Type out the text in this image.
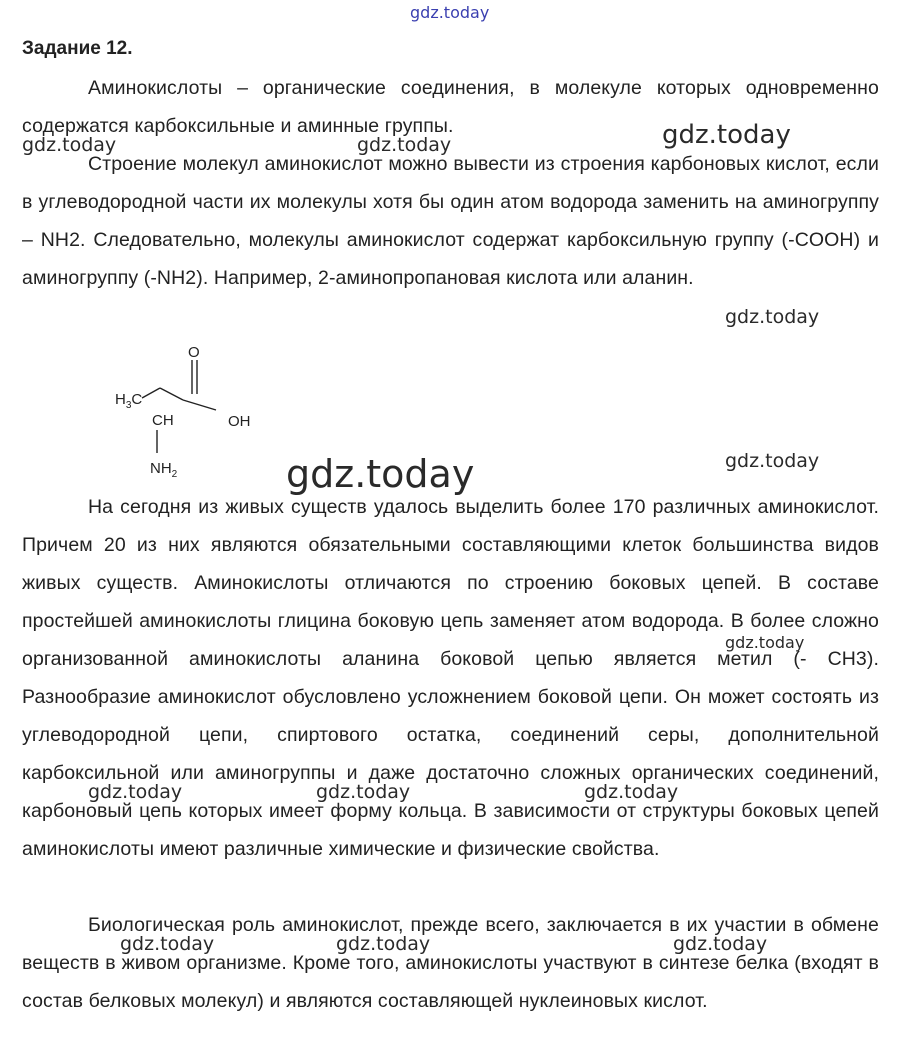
gdz.today
Задание 12.
Аминокислоты – органические соединения, в молекуле которых одновременно содержатся карбоксильные и аминные группы.
Строение молекул аминокислот можно вывести из строения карбоновых кислот, если в углеводородной части их молекулы хотя бы один атом водорода заменить на аминогруппу – NH2. Следовательно, молекулы аминокислот содержат карбоксильную группу (-COOH) и аминогруппу (-NH2). Например, 2-аминопропановая кислота или аланин.
$H_3C$
CH
$NH_2$
OH
O
На сегодня из живых существ удалось выделить более 170 различных аминокислот. Причем 20 из них являются обязательными составляющими клеток большинства видов живых существ. Аминокислоты отличаются по строению боковых цепей. В составе простейшей аминокислоты глицина боковую цепь заменяет атом водорода. В более сложно организованной аминокислоты аланина боковой цепью является метил (- CH3). Разнообразие аминокислот обусловлено усложнением боковой цепи. Он может состоять из углеводородной цепи, спиртового остатка, соединений серы, дополнительной карбоксильной или аминогруппы и даже достаточно сложных органических соединений, карбоновый цепь которых имеет форму кольца. В зависимости от структуры боковых цепей аминокислоты имеют различные химические и физические свойства.
Биологическая роль аминокислот, прежде всего, заключается в их участии в обмене веществ в живом организме. Кроме того, аминокислоты участвуют в синтезе белка (входят в состав белковых молекул) и являются составляющей нуклеиновых кислот.
gdz.today	gdz.today	gdz.today
gdz.today
gdz.today	gdz.today
gdz.today
gdz.today	gdz.today	gdz.today
gdz.today	gdz.today	gdz.today
